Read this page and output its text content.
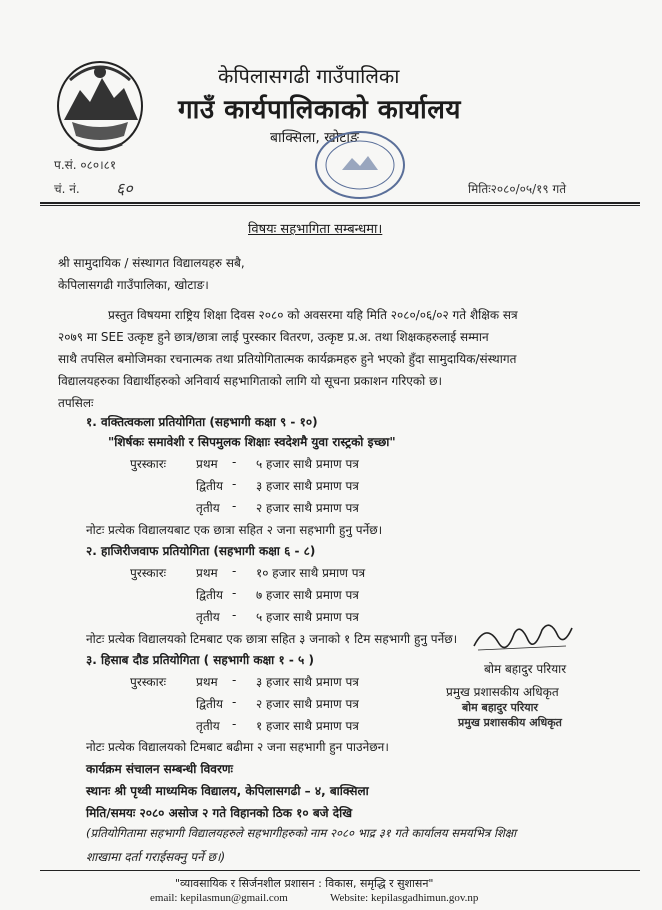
केपिलासगढी गाउँपालिका
गाउँ कार्यपालिकाको कार्यालय
बाक्सिला, खोटाङ
प.सं. ०८०।८१
चं. नं. ६०	मितिः२०८०/०५/१९ गते
विषयः सहभागिता सम्बन्धमा।
श्री सामुदायिक / संस्थागत विद्यालयहरु सबै,
केपिलासगढी गाउँपालिका, खोटाङ।
प्रस्तुत विषयमा राष्ट्रिय शिक्षा दिवस २०८० को अवसरमा यहि मिति २०८०/०६/०२ गते शैक्षिक सत्र
२०७९ मा SEE उत्कृष्ट हुने छात्र/छात्रा लाई पुरस्कार वितरण, उत्कृष्ट प्र.अ. तथा शिक्षकहरुलाई सम्मान
साथै तपसिल बमोजिमका रचनात्मक तथा प्रतियोगितात्मक कार्यक्रमहरु हुने भएको हुँदा सामुदायिक/संस्थागत
विद्यालयहरुका विद्यार्थीहरुको अनिवार्य सहभागिताको लागि यो सूचना प्रकाशन गरिएको छ।
तपसिलः
१. वक्तित्वकला प्रतियोगिता (सहभागी कक्षा ९ - १०)
"शिर्षकः समावेशी र सिपमुलक शिक्षाः स्वदेशमै युवा रास्ट्रको इच्छा"
पुरस्कारः प्रथम - ५ हजार साथै प्रमाण पत्र
द्वितीय - ३ हजार साथै प्रमाण पत्र
तृतीय - २ हजार साथै प्रमाण पत्र
नोटः प्रत्येक विद्यालयबाट एक छात्रा सहित २ जना सहभागी हुनु पर्नेछ।
२. हाजिरीजवाफ प्रतियोगिता (सहभागी कक्षा ६ - ८)
पुरस्कारः प्रथम - १० हजार साथै प्रमाण पत्र
द्वितीय - ७ हजार साथै प्रमाण पत्र
तृतीय - ५ हजार साथै प्रमाण पत्र
नोटः प्रत्येक विद्यालयको टिमबाट एक छात्रा सहित ३ जनाको १ टिम सहभागी हुनु पर्नेछ।
३. हिसाब दौड प्रतियोगिता ( सहभागी कक्षा १ - ५ )
पुरस्कारः प्रथम - ३ हजार साथै प्रमाण पत्र
द्वितीय - २ हजार साथै प्रमाण पत्र
तृतीय - १ हजार साथै प्रमाण पत्र
बोम बहादुर परियार
प्रमुख प्रशासकीय अधिकृत
बोम बहादुर परियार
प्रमुख प्रशासकीय अधिकृत
नोटः प्रत्येक विद्यालयको टिमबाट बढीमा २ जना सहभागी हुन पाउनेछन।
कार्यक्रम संचालन सम्बन्धी विवरणः
स्थानः श्री पृथ्वी माध्यमिक विद्यालय, केपिलासगढी – ४, बाक्सिला
मिति/समयः २०८० असोज २ गते विहानको ठिक १० बजे देखि
(प्रतियोगितामा सहभागी विद्यालयहरुले सहभागीहरुको नाम २०८० भाद्र ३१ गते कार्यालय समयभित्र शिक्षा
शाखामा दर्ता गराईसक्नु पर्ने छ।)
"व्यावसायिक र सिर्जनशील प्रशासन : विकास, समृद्धि र सुशासन"
email: kepilasmun@gmail.com	Website: kepilasgadhimun.gov.np
